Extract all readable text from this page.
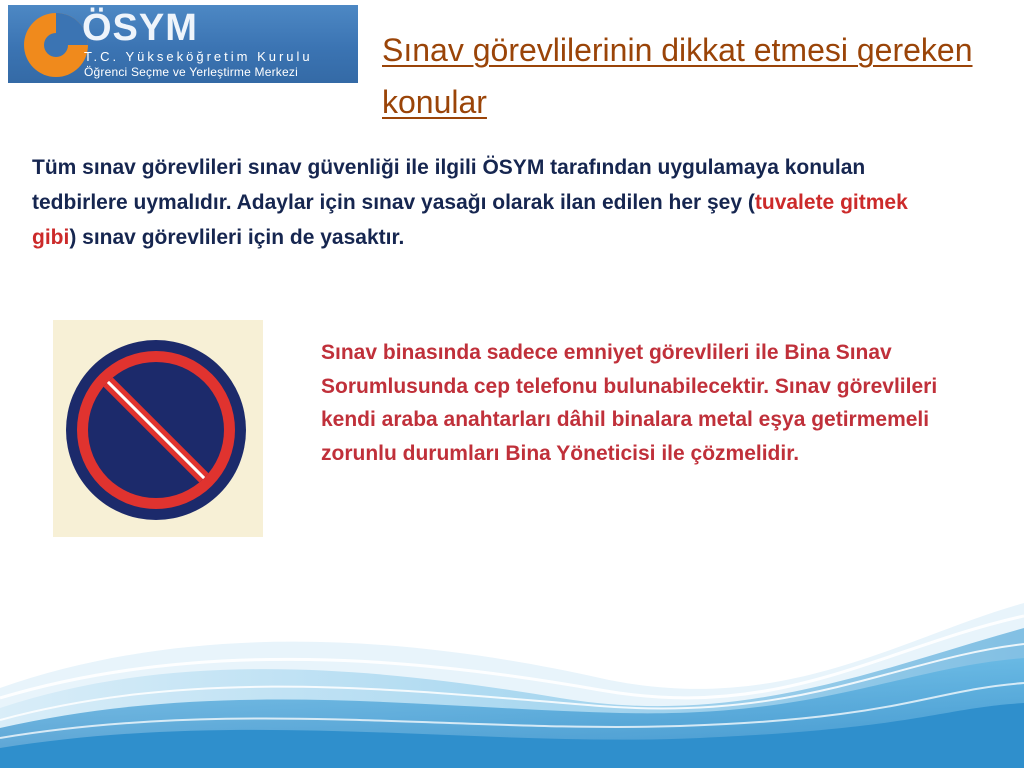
ÖSYM
T.C. Yükseköğretim Kurulu
Öğrenci Seçme ve Yerleştirme Merkezi
Sınav görevlilerinin dikkat etmesi gereken konular

Tüm sınav görevlileri sınav güvenliği ile ilgili ÖSYM tarafından uygulamaya konulan tedbirlere uymalıdır. Adaylar için sınav yasağı olarak ilan edilen her şey (tuvalete gitmek gibi) sınav görevlileri için de yasaktır.

Sınav binasında sadece emniyet görevlileri ile Bina Sınav Sorumlusunda cep telefonu bulunabilecektir. Sınav görevlileri kendi araba anahtarları dâhil binalara metal eşya getirmemeli zorunlu durumları Bina Yöneticisi ile çözmelidir.
